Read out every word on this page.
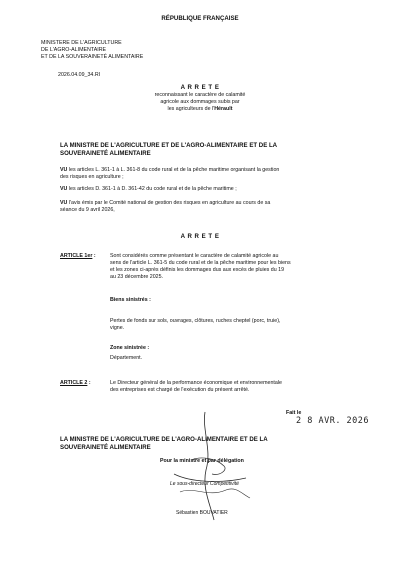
RÉPUBLIQUE FRANÇAISE
MINISTERE DE L'AGRICULTURE
DE L'AGRO-ALIMENTAIRE
ET DE LA SOUVERAINETÉ ALIMENTAIRE
2026.04.09_34.RI
A R R E T E
reconnaissant le caractère de calamité
agricole aux dommages subis par
les agriculteurs de l'Hérault
LA MINISTRE DE L'AGRICULTURE ET DE L'AGRO-ALIMENTAIRE ET DE LA
SOUVERAINETÉ ALIMENTAIRE
VU les articles L. 361-1 à L. 361-8 du code rural et de la pêche maritime organisant la gestion
des risques en agriculture ;
VU les articles D. 361-1 à D. 361-42 du code rural et de la pêche maritime ;
VU l'avis émis par le Comité national de gestion des risques en agriculture au cours de sa
séance du 9 avril 2026,
A R R E T E
ARTICLE 1er :	Sont considérés comme présentant le caractère de calamité agricole au
sens de l'article L. 361-5 du code rural et de la pêche maritime pour les biens
et les zones ci-après définis les dommages dus aux excès de pluies du 19
au 23 décembre 2025.
Biens sinistrés :
Pertes de fonds sur sols, ouvrages, clôtures, ruches cheptel (porc, truie),
vigne.
Zone sinistrée :
Département.
ARTICLE 2 :	Le Directeur général de la performance économique et environnementale
des entreprises est chargé de l'exécution du présent arrêté.
Fait le
2 8 AVR. 2026
LA MINISTRE DE L'AGRICULTURE DE L'AGRO-ALIMENTAIRE ET DE LA
SOUVERAINETÉ ALIMENTAIRE
Pour la ministre et par délégation
Le sous-directeur Compétitivité
Sébastien BOUVATIER
